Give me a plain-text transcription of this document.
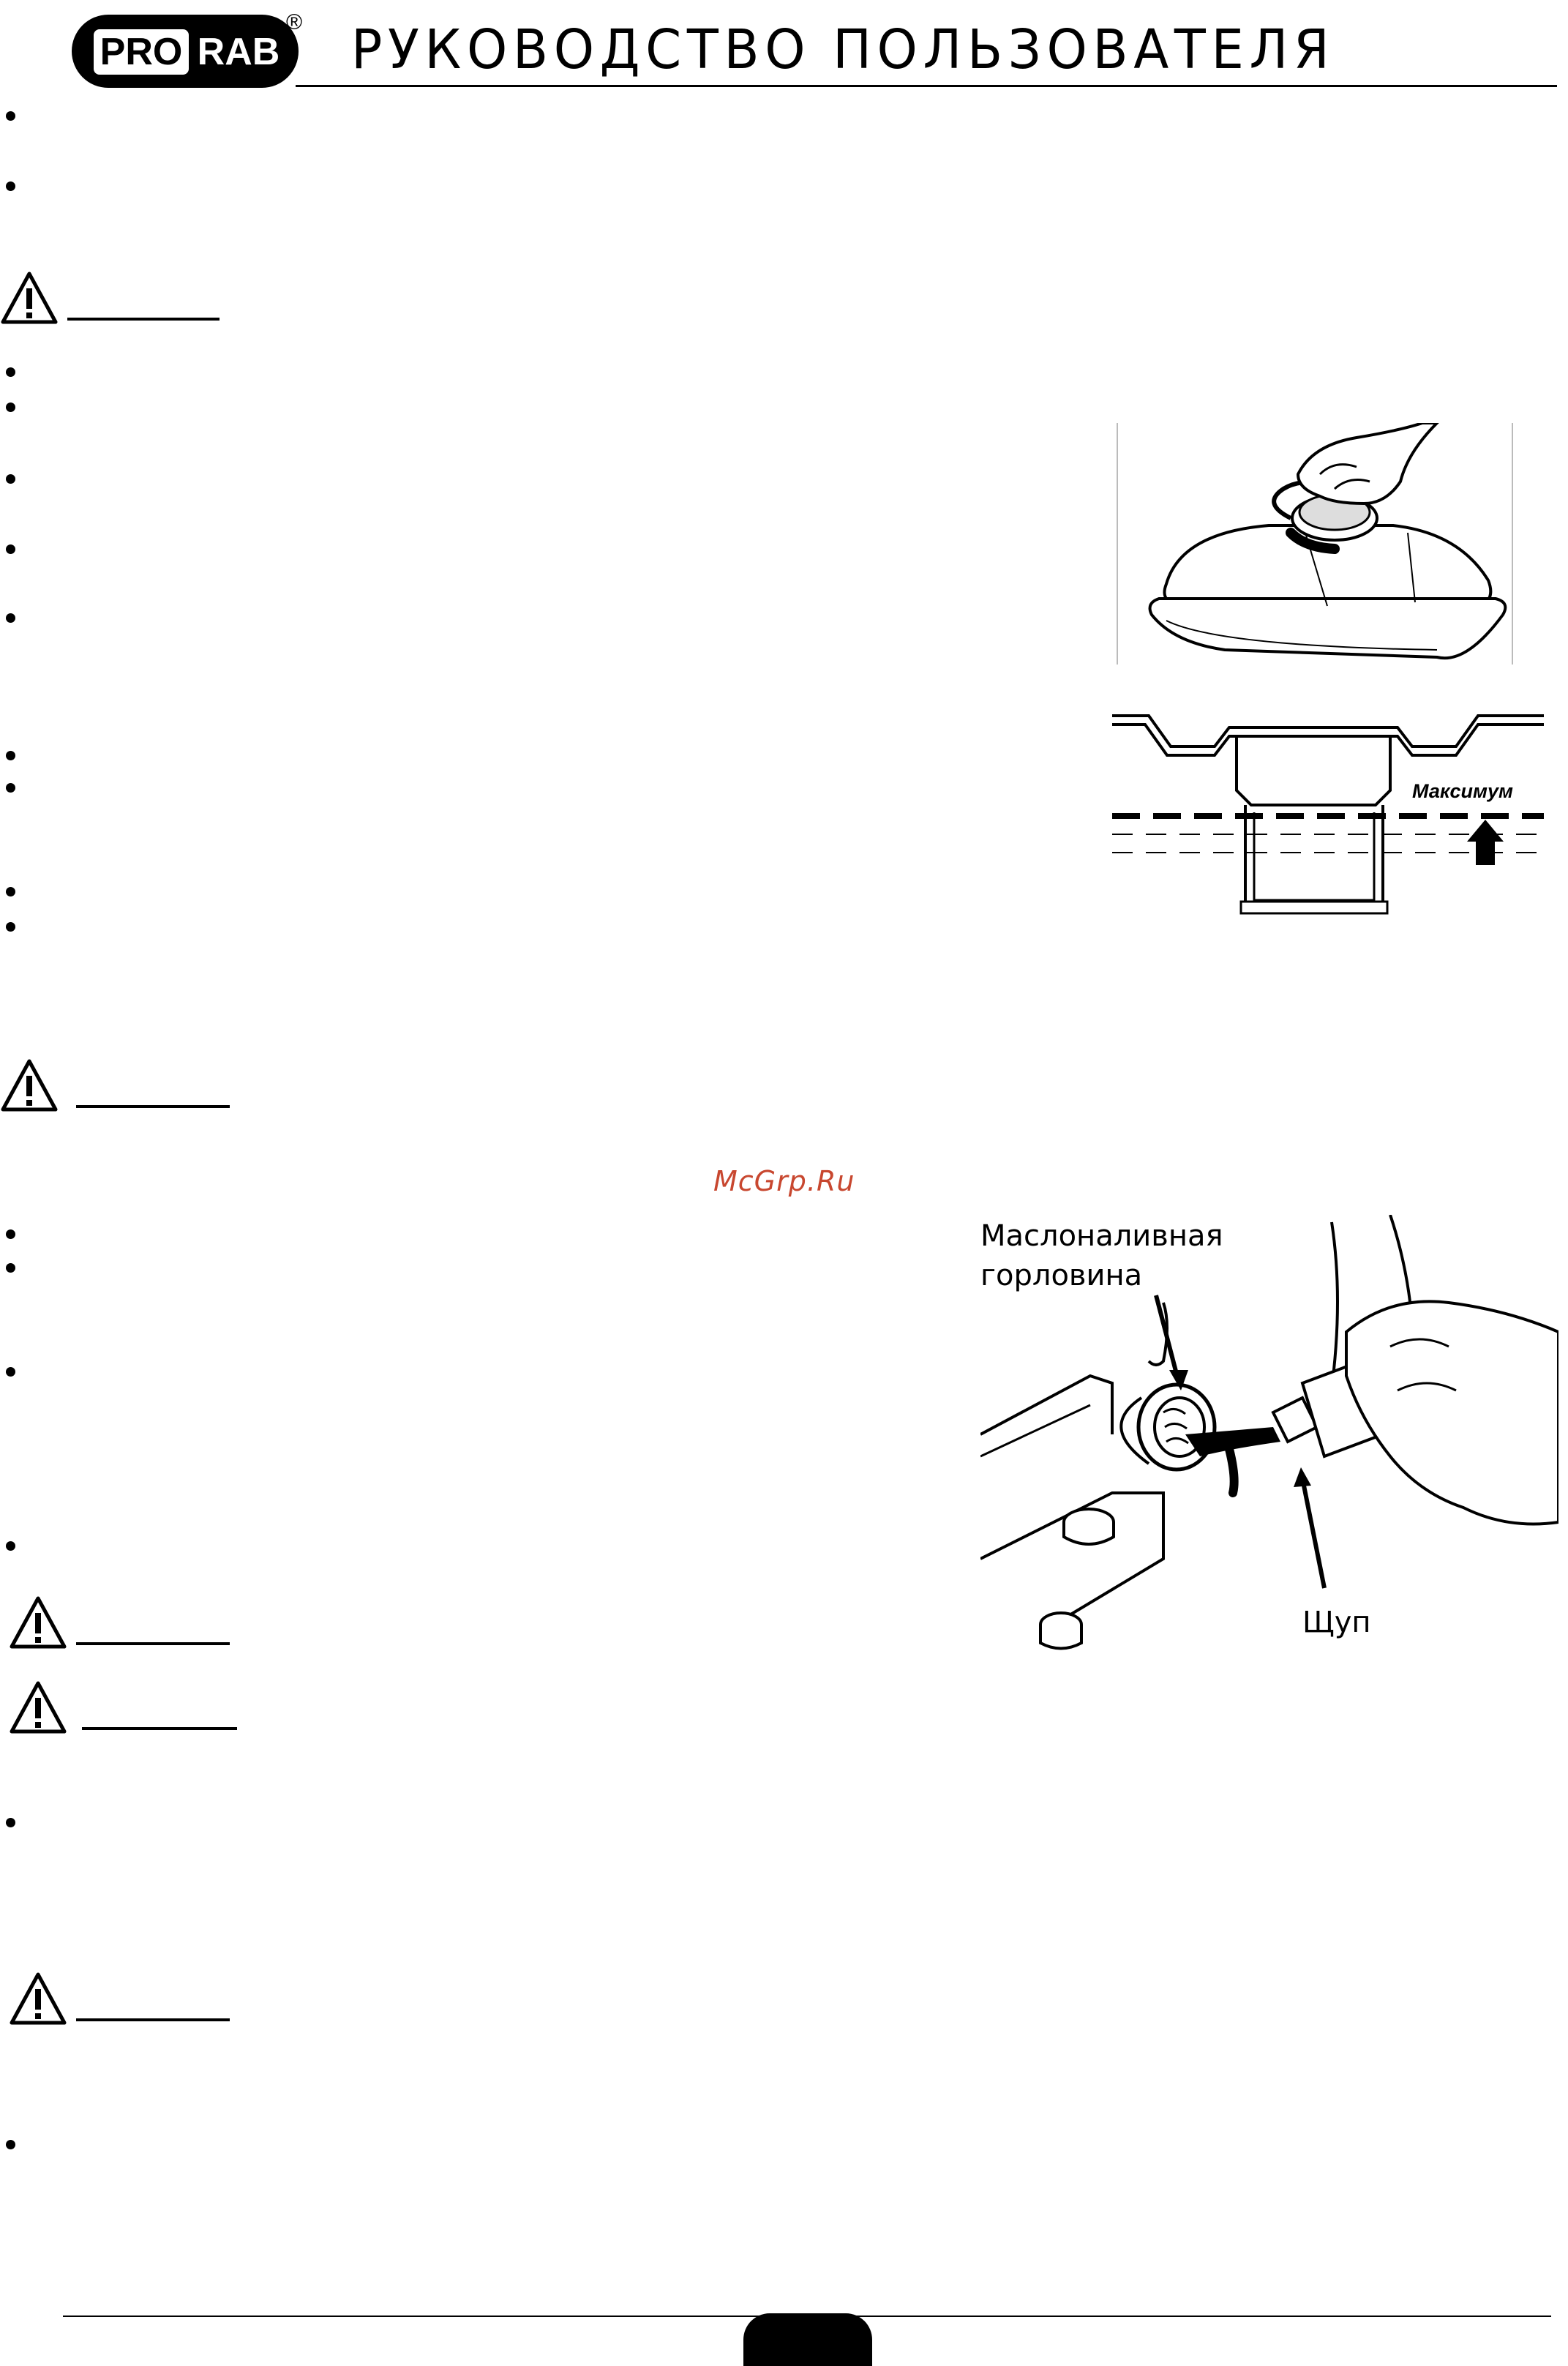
PRO RAB
® РУКОВОДСТВО ПОЛЬЗОВАТЕЛЯ
McGrp.Ru
Максимум
Маслоналивная
горловина
Щуп
